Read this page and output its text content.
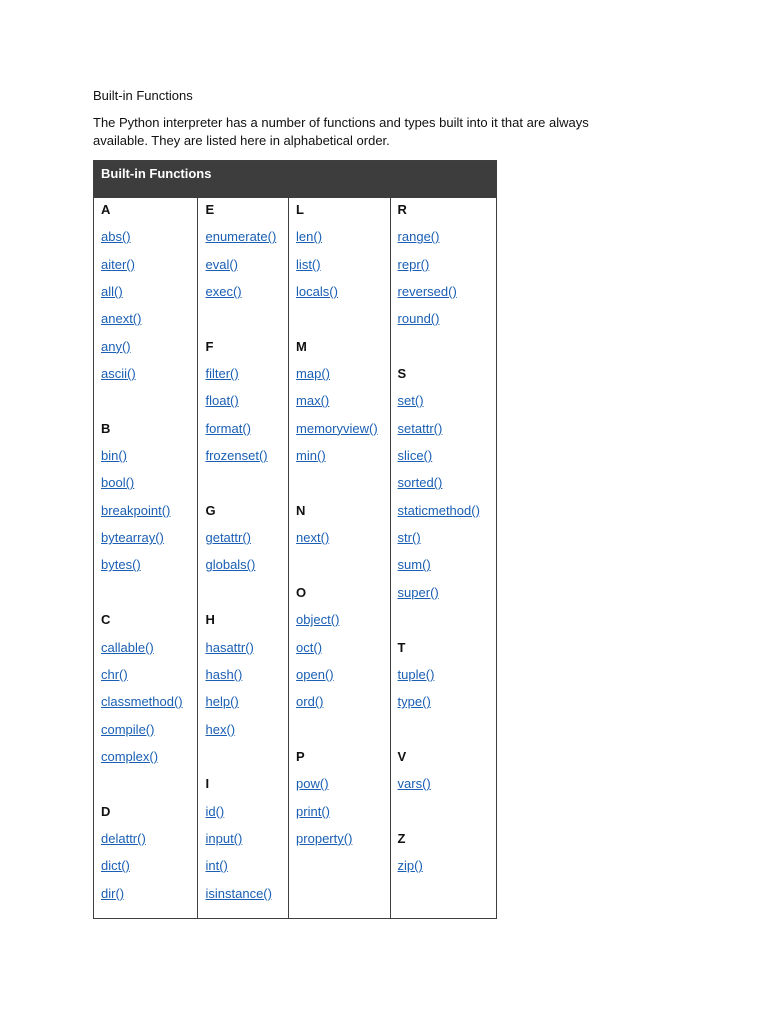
Built-in Functions

The Python interpreter has a number of functions and types built into it that are always available. They are listed here in alphabetical order.

Built-in Functions
A
abs()
aiter()
all()
anext()
any()
ascii()
B
bin()
bool()
breakpoint()
bytearray()
bytes()
C
callable()
chr()
classmethod()
compile()
complex()
D
delattr()
dict()
dir()
E
enumerate()
eval()
exec()
F
filter()
float()
format()
frozenset()
G
getattr()
globals()
H
hasattr()
hash()
help()
hex()
I
id()
input()
int()
isinstance()
L
len()
list()
locals()
M
map()
max()
memoryview()
min()
N
next()
O
object()
oct()
open()
ord()
P
pow()
print()
property()
R
range()
repr()
reversed()
round()
S
set()
setattr()
slice()
sorted()
staticmethod()
str()
sum()
super()
T
tuple()
type()
V
vars()
Z
zip()
